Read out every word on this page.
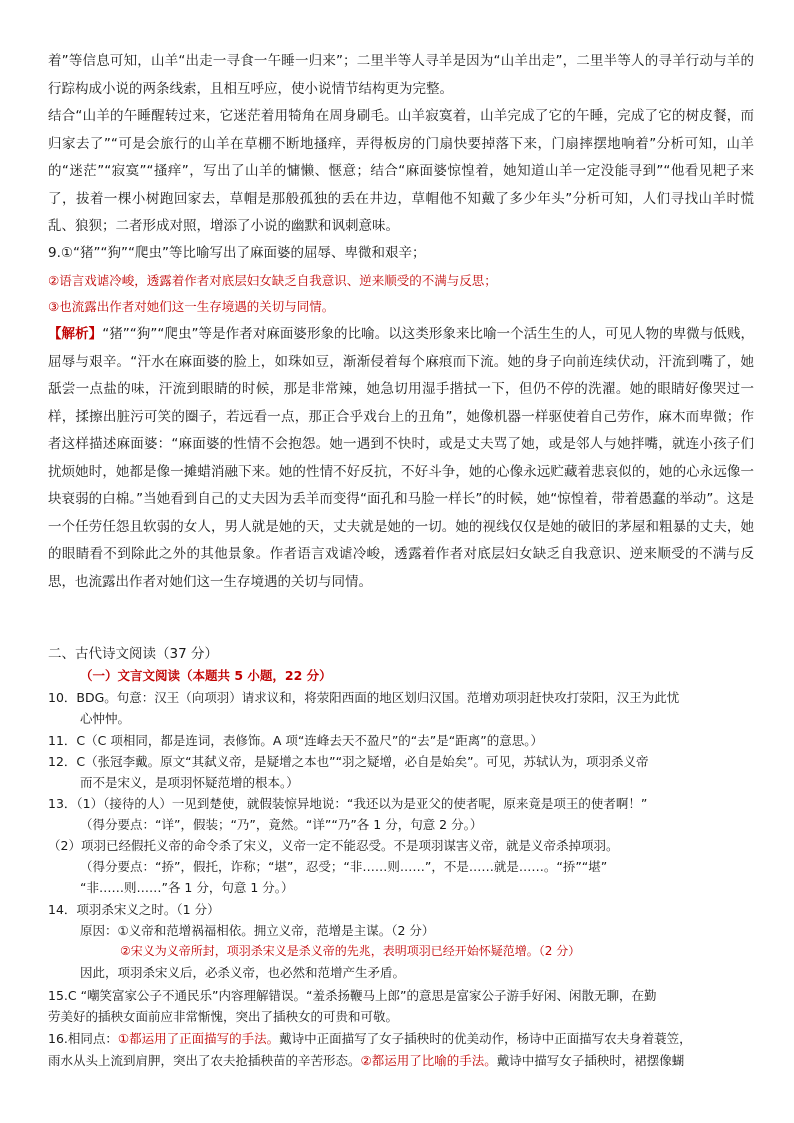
着”等信息可知，山羊“出走一寻食一午睡一归来”；二里半等人寻羊是因为“山羊出走”，二里半等人的寻羊行动与羊的行踪构成小说的两条线索，且相互呼应，使小说情节结构更为完整。

结合“山羊的午睡醒转过来，它迷茫着用犄角在周身刷毛。山羊寂寞着，山羊完成了它的午睡，完成了它的树皮餐，而归家去了”“可是会旅行的山羊在草棚不断地搔痒，弄得板房的门扇快要掉落下来，门扇摔摆地响着”分析可知，山羊的“迷茫”“寂寞”“搔痒”，写出了山羊的慵懒、惬意；结合“麻面婆惊惶着，她知道山羊一定没能寻到”“他看见耙子来了，拔着一棵小树跑回家去，草帽是那般孤独的丢在井边，草帽他不知戴了多少年头”分析可知，人们寻找山羊时慌乱、狼狈；二者形成对照，增添了小说的幽默和讽刺意味。

9.①“猪”“狗”“爬虫”等比喻写出了麻面婆的屈辱、卑微和艰辛；

②语言戏谑冷峻，透露着作者对底层妇女缺乏自我意识、逆来顺受的不满与反思；

③也流露出作者对她们这一生存境遇的关切与同情。

【解析】“猪”“狗”“爬虫”等是作者对麻面婆形象的比喻。以这类形象来比喻一个活生生的人，可见人物的卑微与低贱，屈辱与艰辛。“汗水在麻面婆的脸上，如珠如豆，渐渐侵着每个麻痕而下流。她的身子向前连续伏动，汗流到嘴了，她舐尝一点盐的味，汗流到眼睛的时候，那是非常辣，她急切用湿手揩拭一下，但仍不停的洗濯。她的眼睛好像哭过一样，揉擦出脏污可笑的圈子，若远看一点，那正合乎戏台上的丑角”，她像机器一样驱使着自己劳作，麻木而卑微；作者这样描述麻面婆：“麻面婆的性情不会抱怨。她一遇到不快时，或是丈夫骂了她，或是邻人与她拌嘴，就连小孩子们扰烦她时，她都是像一摊蜡消融下来。她的性情不好反抗，不好斗争，她的心像永远贮藏着悲哀似的，她的心永远像一块衰弱的白棉。”当她看到自己的丈夫因为丢羊而变得“面孔和马脸一样长”的时候，她“惊惶着，带着愚蠢的举动”。这是一个任劳任怨且软弱的女人，男人就是她的天，丈夫就是她的一切。她的视线仅仅是她的破旧的茅屋和粗暴的丈夫，她的眼睛看不到除此之外的其他景象。作者语言戏谑冷峻，透露着作者对底层妇女缺乏自我意识、逆来顺受的不满与反思，也流露出作者对她们这一生存境遇的关切与同情。

二、古代诗文阅读（37 分）

（一）文言文阅读（本题共 5 小题，22 分）

10．BDG。句意：汉王（向项羽）请求议和，将荥阳西面的地区划归汉国。范增劝项羽赶快攻打荥阳，汉王为此忧

心忡忡。

11．C（C 项相同，都是连词，表修饰。A 项“连峰去天不盈尺”的“去”是“距离”的意思。）

12．C（张冠李戴。原文“其弑义帝，是疑增之本也”“羽之疑增，必自是始矣”。可见，苏轼认为，项羽杀义帝

而不是宋义，是项羽怀疑范增的根本。）

13．（1）（接待的人）一见到楚使，就假装惊异地说：“我还以为是亚父的使者呢，原来竟是项王的使者啊！”

（得分要点：“详”，假装；“乃”，竟然。“详”“乃”各 1 分，句意 2 分。）

（2）项羽已经假托义帝的命令杀了宋义，义帝一定不能忍受。不是项羽谋害义帝，就是义帝杀掉项羽。

（得分要点：“挢”，假托，诈称；“堪”，忍受；“非……则……”，不是……就是……。“挢”“堪”

“非……则……”各 1 分，句意 1 分。）

14．项羽杀宋义之时。（1 分）

原因：①义帝和范增祸福相依。拥立义帝，范增是主谋。（2 分）

②宋义为义帝所封，项羽杀宋义是杀义帝的先兆，表明项羽已经开始怀疑范增。（2 分）

因此，项羽杀宋义后，必杀义帝，也必然和范增产生矛盾。

15.C “嘲笑富家公子不通民乐”内容理解错误。“羞杀扬鞭马上郎”的意思是富家公子游手好闲、闲散无聊，在勤

劳美好的插秧女面前应非常惭愧，突出了插秧女的可贵和可敬。

16.相同点：①都运用了正面描写的手法。戴诗中正面描写了女子插秧时的优美动作，杨诗中正面描写农夫身着蓑笠，

雨水从头上流到肩胛，突出了农夫抢插秧苗的辛苦形态。②都运用了比喻的手法。戴诗中描写女子插秧时，裙摆像蝴
